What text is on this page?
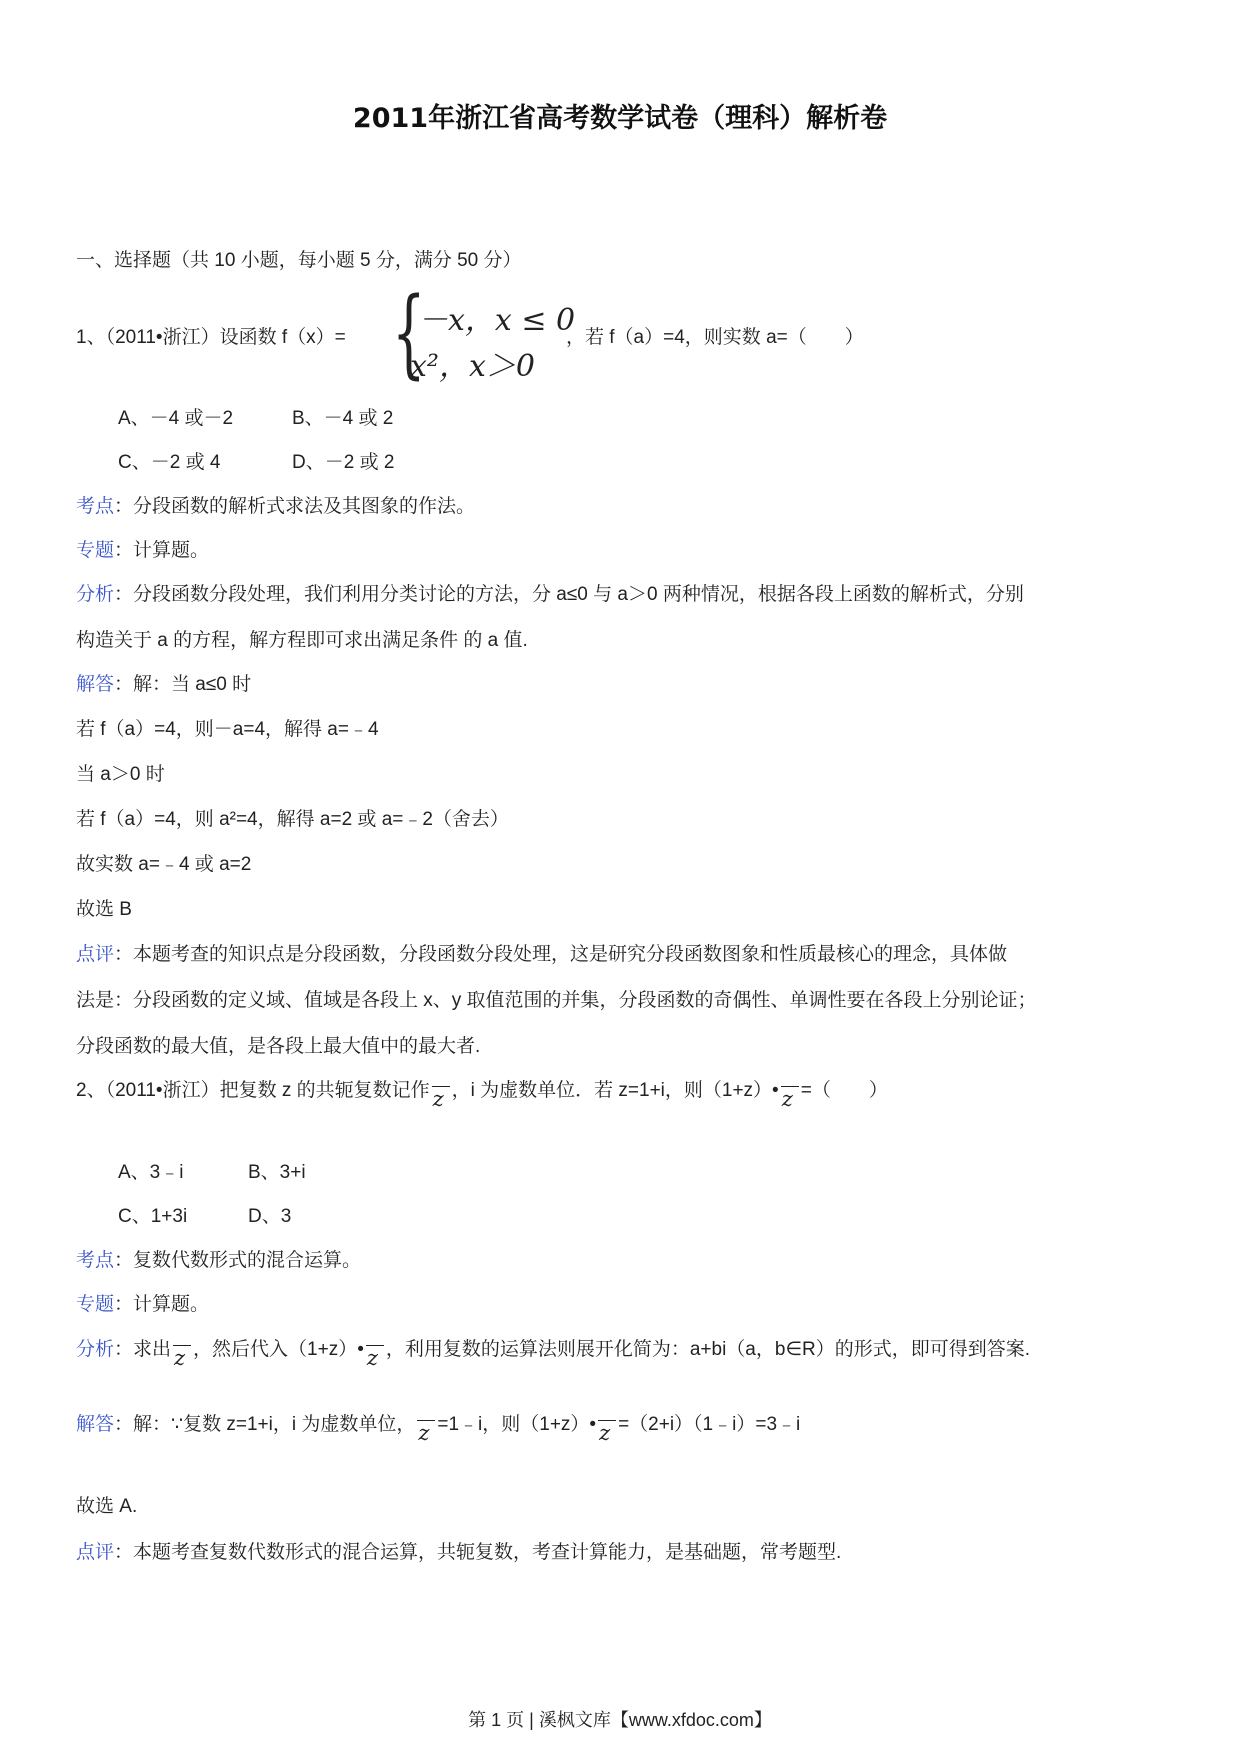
2011年浙江省高考数学试卷（理科）解析卷
一、选择题（共 10 小题，每小题 5 分，满分 50 分）
1、（2011•浙江）设函数 f（x）= {
－x，x ≤ 0
x²，x＞0
，若 f（a）=4，则实数 a=（　　）
A、－4 或－2	B、－4 或 2
C、－2 或 4	D、－2 或 2
考点：分段函数的解析式求法及其图象的作法。
专题：计算题。
分析：分段函数分段处理，我们利用分类讨论的方法，分 a≤0 与 a＞0 两种情况，根据各段上函数的解析式，分别
构造关于 a 的方程，解方程即可求出满足条件 的 a 值.
解答：解：当 a≤0 时
若 f（a）=4，则－a=4，解得 a=﹣4
当 a＞0 时
若 f（a）=4，则 a²=4，解得 a=2 或 a=﹣2（舍去）
故实数 a=﹣4 或 a=2
故选 B
点评：本题考查的知识点是分段函数，分段函数分段处理，这是研究分段函数图象和性质最核心的理念，具体做
法是：分段函数的定义域、值域是各段上 x、y 取值范围的并集，分段函数的奇偶性、单调性要在各段上分别论证；
分段函数的最大值，是各段上最大值中的最大者.
2、（2011•浙江）把复数 z 的共轭复数记作 z ，i 为虚数单位．若 z=1+i，则（1+z）• z =（　　）
A、3﹣i	B、3+i
C、1+3i	D、3
考点：复数代数形式的混合运算。
专题：计算题。
分析：求出 z ，然后代入（1+z）• z ，利用复数的运算法则展开化简为：a+bi（a，b∈R）的形式，即可得到答案.
解答：解：∵复数 z=1+i，i 为虚数单位， z =1﹣i，则（1+z）• z =（2+i）（1﹣i）=3﹣i
故选 A.
点评：本题考查复数代数形式的混合运算，共轭复数，考查计算能力，是基础题，常考题型.
第 1 页 | 溪枫文库【www.xfdoc.com】
